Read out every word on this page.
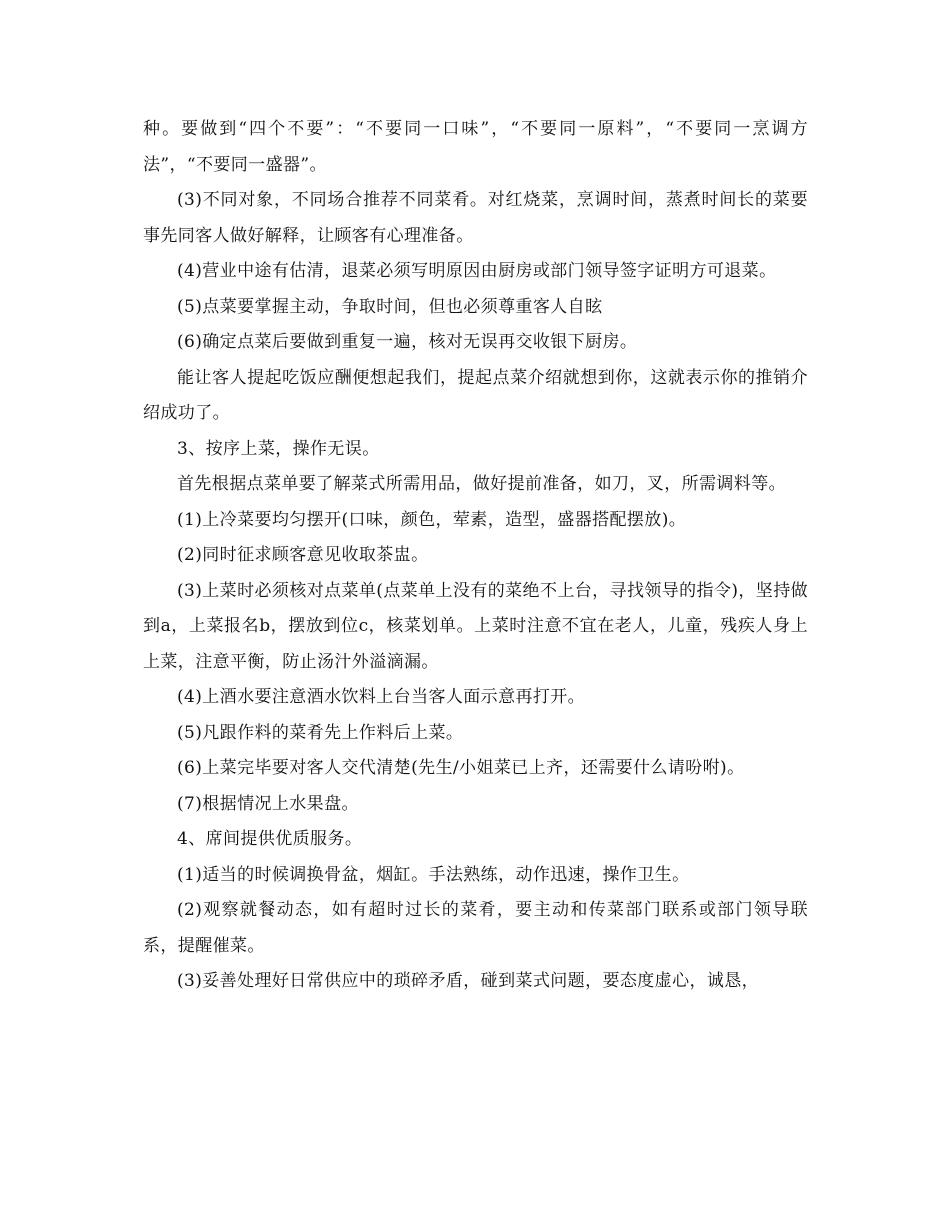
种。要做到“四个不要”：“不要同一口味”，“不要同一原料”，“不要同一烹调方法”，“不要同一盛器”。

(3)不同对象，不同场合推荐不同菜肴。对红烧菜，烹调时间，蒸煮时间长的菜要事先同客人做好解释，让顾客有心理准备。

(4)营业中途有估清，退菜必须写明原因由厨房或部门领导签字证明方可退菜。

(5)点菜要掌握主动，争取时间，但也必须尊重客人自眩

(6)确定点菜后要做到重复一遍，核对无误再交收银下厨房。

能让客人提起吃饭应酬便想起我们，提起点菜介绍就想到你，这就表示你的推销介绍成功了。

3、按序上菜，操作无误。

首先根据点菜单要了解菜式所需用品，做好提前准备，如刀，叉，所需调料等。

(1)上冷菜要均匀摆开(口味，颜色，荤素，造型，盛器搭配摆放)。

(2)同时征求顾客意见收取茶盅。

(3)上菜时必须核对点菜单(点菜单上没有的菜绝不上台，寻找领导的指令)，坚持做到a，上菜报名b，摆放到位c，核菜划单。上菜时注意不宜在老人，儿童，残疾人身上上菜，注意平衡，防止汤汁外溢滴漏。

(4)上酒水要注意酒水饮料上台当客人面示意再打开。

(5)凡跟作料的菜肴先上作料后上菜。

(6)上菜完毕要对客人交代清楚(先生/小姐菜已上齐，还需要什么请吩咐)。

(7)根据情况上水果盘。

4、席间提供优质服务。

(1)适当的时候调换骨盆，烟缸。手法熟练，动作迅速，操作卫生。

(2)观察就餐动态，如有超时过长的菜肴，要主动和传菜部门联系或部门领导联系，提醒催菜。

(3)妥善处理好日常供应中的琐碎矛盾，碰到菜式问题，要态度虚心，诚恳，
